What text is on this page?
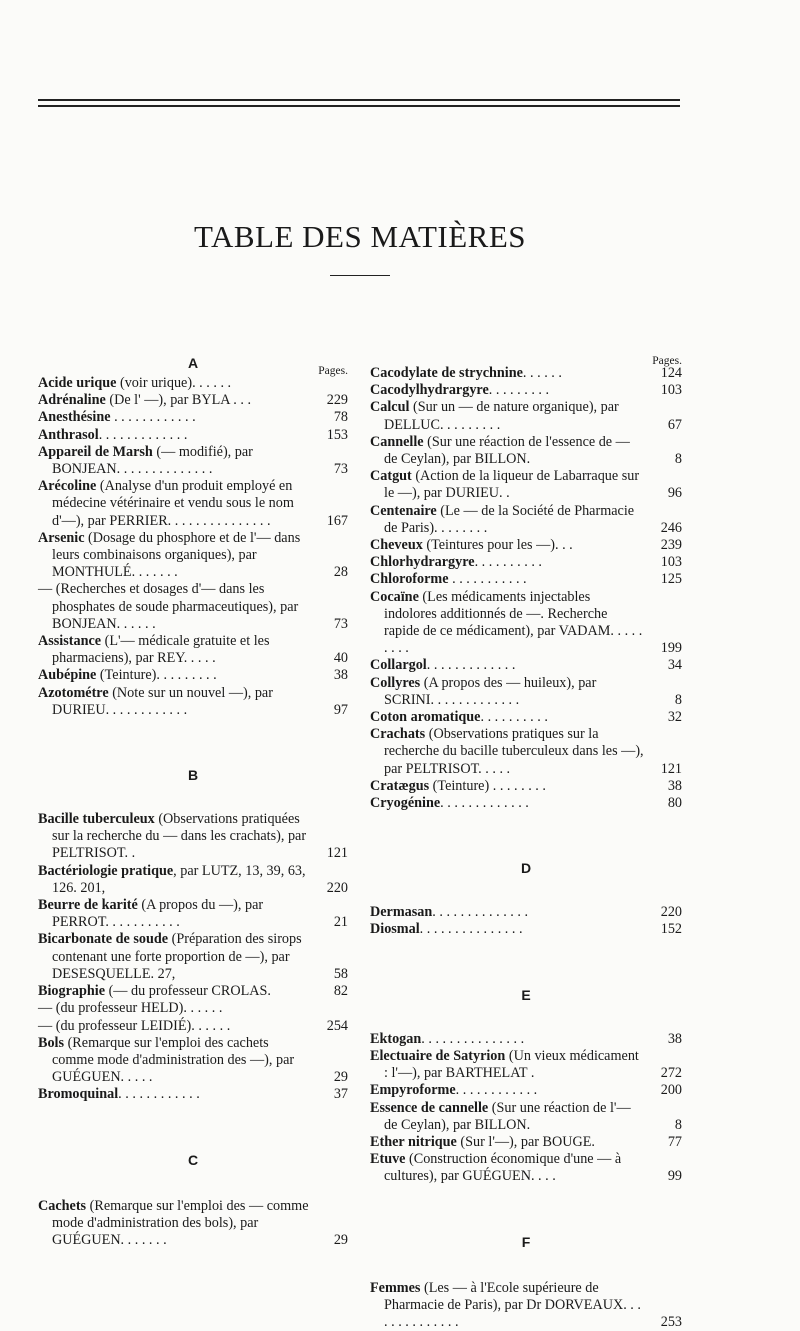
TABLE DES MATIÈRES
A	Pages.
Acide urique (voir urique). . . . . .
Adrénaline (De l' —), par BYLA . . .	229
Anesthésine . . . . . . . . . . . .	78
Anthrasol. . . . . . . . . . . . .	153
Appareil de Marsh (— modifié), par BONJEAN. . . . . . . . . . . . . .	73
Arécoline (Analyse d'un produit employé en médecine vétérinaire et vendu sous le nom d'—), par PERRIER. . . . . . . . . . . . . . .	167
Arsenic (Dosage du phosphore et de l'— dans leurs combinaisons organiques), par MONTHULÉ. . . . . . .	28
— (Recherches et dosages d'— dans les phosphates de soude pharmaceutiques), par BONJEAN. . . . . .	73
Assistance (L'— médicale gratuite et les pharmaciens), par REY. . . . .	40
Aubépine (Teinture). . . . . . . . .	38
Azotométre (Note sur un nouvel —), par DURIEU. . . . . . . . . . . .	97
B
Bacille tuberculeux (Observations pratiquées sur la recherche du — dans les crachats), par PELTRISOT. .	121
Bactériologie pratique, par LUTZ, 13, 39, 63, 126. 201,	220
Beurre de karité (A propos du —), par PERROT. . . . . . . . . . .	21
Bicarbonate de soude (Préparation des sirops contenant une forte proportion de —), par DESESQUELLE. 27,	58
Biographie (— du professeur CROLAS.	82
— (du professeur HELD). . . . . .
— (du professeur LEIDIÉ). . . . . .	254
Bols (Remarque sur l'emploi des cachets comme mode d'administration des —), par GUÉGUEN. . . . .	29
Bromoquinal. . . . . . . . . . . .	37
C
Cachets (Remarque sur l'emploi des — comme mode d'administration des bols), par GUÉGUEN. . . . . . .	29
Pages.
Cacodylate de strychnine. . . . . .	124
Cacodylhydrargyre. . . . . . . . .	103
Calcul (Sur un — de nature organique), par DELLUC. . . . . . . . .	67
Cannelle (Sur une réaction de l'essence de — de Ceylan), par BILLON.	8
Catgut (Action de la liqueur de Labarraque sur le —), par DURIEU. .	96
Centenaire (Le — de la Société de Pharmacie de Paris). . . . . . . .	246
Cheveux (Teintures pour les —). . .	239
Chlorhydrargyre. . . . . . . . . .	103
Chloroforme . . . . . . . . . . .	125
Cocaïne (Les médicaments injectables indolores additionnés de —. Recherche rapide de ce médicament), par VADAM. . . . . . . . .	199
Collargol. . . . . . . . . . . . .	34
Collyres (A propos des — huileux), par SCRINI. . . . . . . . . . . . .	8
Coton aromatique. . . . . . . . . .	32
Crachats (Observations pratiques sur la recherche du bacille tuberculeux dans les —), par PELTRISOT. . . . .	121
Cratægus (Teinture) . . . . . . . .	38
Cryogénine. . . . . . . . . . . . .	80
D
Dermasan. . . . . . . . . . . . . .	220
Diosmal. . . . . . . . . . . . . . .	152
E
Ektogan. . . . . . . . . . . . . . .	38
Electuaire de Satyrion (Un vieux médicament : l'—), par BARTHELAT .	272
Empyroforme. . . . . . . . . . . .	200
Essence de cannelle (Sur une réaction de l'— de Ceylan), par BILLON.	8
Ether nitrique (Sur l'—), par BOUGE.	77
Etuve (Construction économique d'une — à cultures), par GUÉGUEN. . . .	99
F
Femmes (Les — à l'Ecole supérieure de Pharmacie de Paris), par Dr DORVEAUX. . . . . . . . . . . . . .	253
